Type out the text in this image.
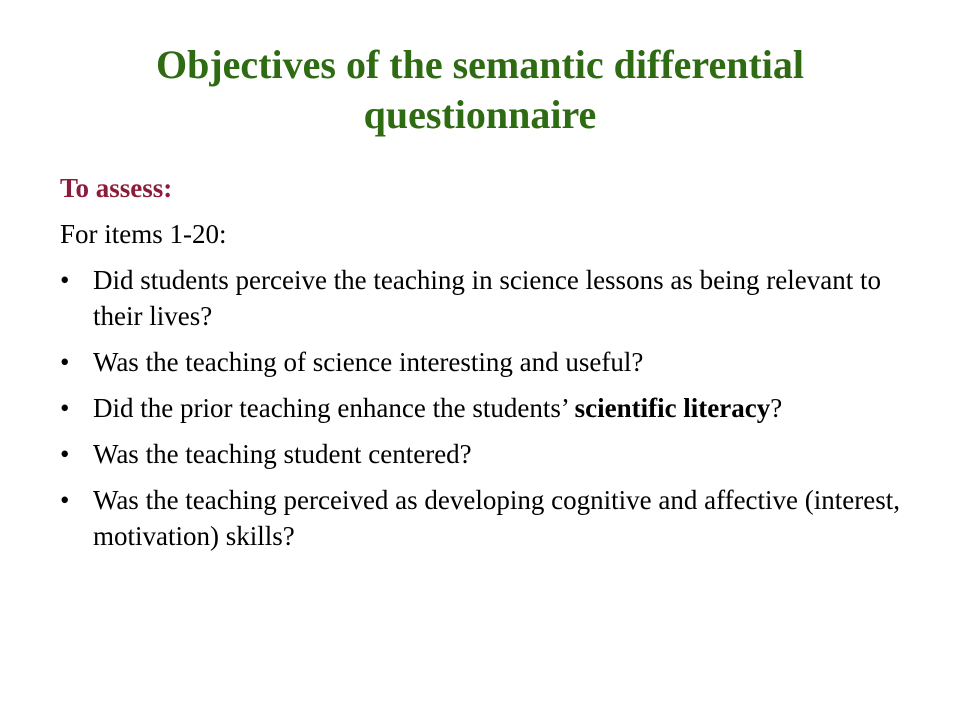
Objectives of the semantic differential
questionnaire

To assess:

For items 1-20:

• Did students perceive the teaching in science lessons as being relevant to their lives?
• Was the teaching of science interesting and useful?
• Did the prior teaching enhance the students’ scientific literacy?
• Was the teaching student centered?
• Was the teaching perceived as developing cognitive and affective (interest, motivation) skills?
